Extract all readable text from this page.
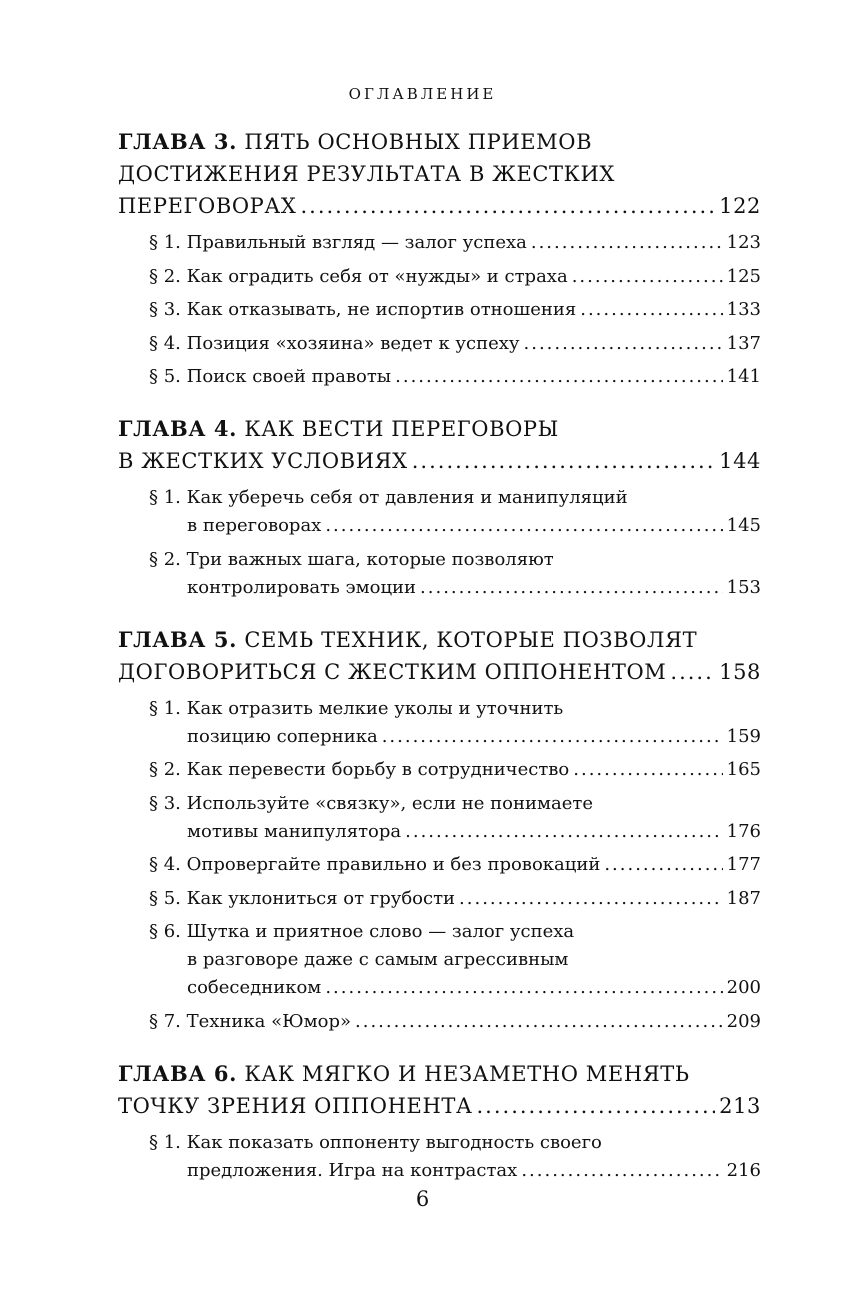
ОГЛАВЛЕНИЕ
ГЛАВА 3.
ПЯТЬ ОСНОВНЫХ ПРИЕМОВ
ДОСТИЖЕНИЯ РЕЗУЛЬТАТА В ЖЕСТКИХ
ПЕРЕГОВОРАХ .....	122
§ 1. Правильный взгляд — залог успеха .....	123
§ 2. Как оградить себя от «нужды» и страха .....	125
§ 3. Как отказывать, не испортив отношения .....	133
§ 4. Позиция «хозяина» ведет к успеху .....	137
§ 5. Поиск своей правоты .....	141
ГЛАВА 4.
КАК ВЕСТИ ПЕРЕГОВОРЫ
В ЖЕСТКИХ УСЛОВИЯХ .....	144
§ 1. Как уберечь себя от давления и манипуляций
в переговорах .....	145
§ 2. Три важных шага, которые позволяют
контролировать эмоции .....	153
ГЛАВА 5.
СЕМЬ ТЕХНИК, КОТОРЫЕ ПОЗВОЛЯТ
ДОГОВОРИТЬСЯ С ЖЕСТКИМ ОППОНЕНТОМ .....	158
§ 1. Как отразить мелкие уколы и уточнить
позицию соперника .....	159
§ 2. Как перевести борьбу в сотрудничество .....	165
§ 3. Используйте «связку», если не понимаете
мотивы манипулятора .....	176
§ 4. Опровергайте правильно и без провокаций .....	177
§ 5. Как уклониться от грубости .....	187
§ 6. Шутка и приятное слово — залог успеха
в разговоре даже с самым агрессивным
собеседником .....	200
§ 7. Техника «Юмор» .....	209
ГЛАВА 6.
КАК МЯГКО И НЕЗАМЕТНО МЕНЯТЬ
ТОЧКУ ЗРЕНИЯ ОППОНЕНТА .....	213
§ 1. Как показать оппоненту выгодность своего
предложения. Игра на контрастах .....	216
6
